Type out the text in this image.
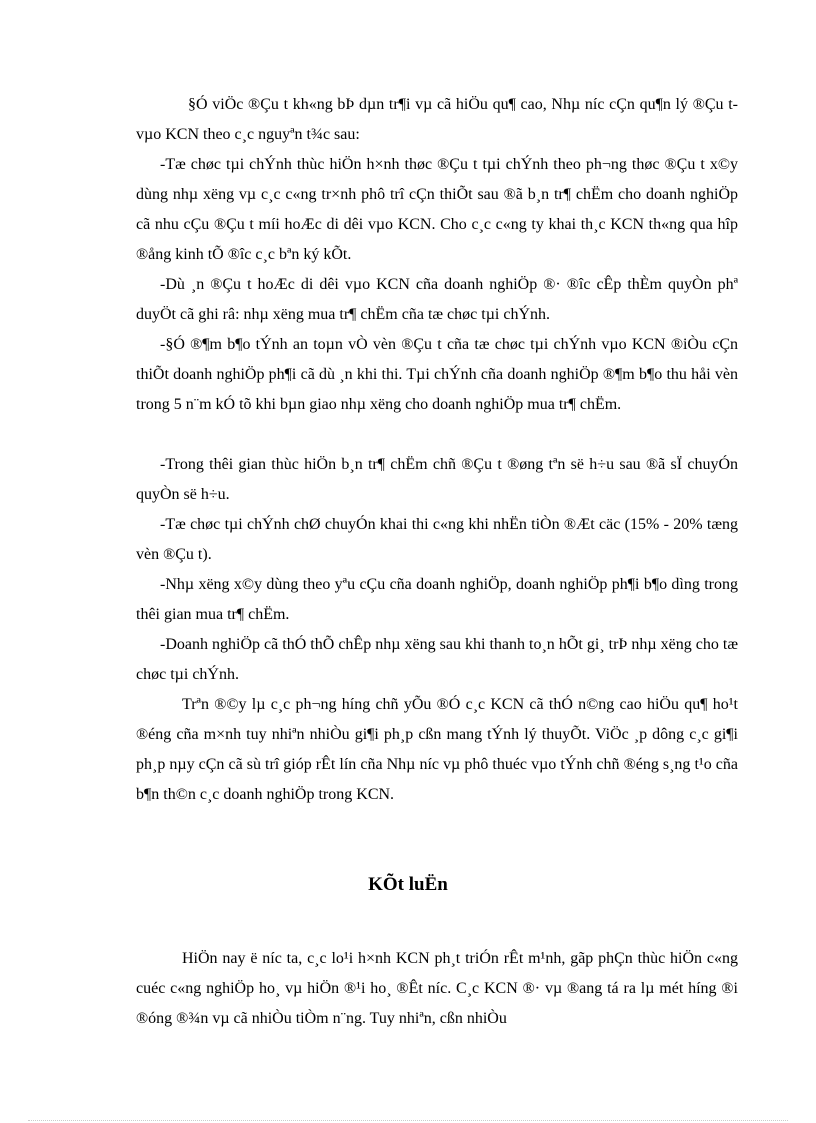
§Ó viÖc ®Çu t kh«ng bÞ dµn tr¶i vµ cã hiÖu qu¶ cao, Nhµ níc cÇn qu¶n lý ®Çu t vµo KCN theo c¸c nguyªn t¾c sau:

-Tæ chøc tµi chÝnh thùc hiÖn h×nh thøc ®Çu t tµi chÝnh theo ph¬ng thøc ®Çu t x©y dùng nhµ xëng vµ c¸c c«ng tr×nh phô trî cÇn thiÕt sau ®ã b¸n tr¶ chËm cho doanh nghiÖp cã nhu cÇu ®Çu t míi hoÆc di dêi vµo KCN. Cho c¸c c«ng ty khai th¸c KCN th«ng qua hîp ®ång kinh tÕ ®îc c¸c bªn ký kÕt.

-Dù ¸n ®Çu t hoÆc di dêi vµo KCN cña doanh nghiÖp ®· ®îc cÊp thÈm quyÒn phª duyÖt cã ghi râ: nhµ xëng mua tr¶ chËm cña tæ chøc tµi chÝnh.

-§Ó ®¶m b¶o tÝnh an toµn vÒ vèn ®Çu t cña tæ chøc tµi chÝnh vµo KCN ®iÒu cÇn thiÕt doanh nghiÖp ph¶i cã dù ¸n khi thi. Tµi chÝnh cña doanh nghiÖp ®¶m b¶o thu håi vèn trong 5 n¨m kÓ tõ khi bµn giao nhµ xëng cho doanh nghiÖp mua tr¶ chËm.

-Trong thêi gian thùc hiÖn b¸n tr¶ chËm chñ ®Çu t ®øng tªn së h÷u sau ®ã sÏ chuyÓn quyÒn së h÷u.

-Tæ chøc tµi chÝnh chØ chuyÓn khai thi c«ng khi nhËn tiÒn ®Æt cäc (15% - 20% tæng vèn ®Çu t).

-Nhµ xëng x©y dùng theo yªu cÇu cña doanh nghiÖp, doanh nghiÖp ph¶i b¶o dìng trong thêi gian mua tr¶ chËm.

-Doanh nghiÖp cã thÓ thÕ chÊp nhµ xëng sau khi thanh to¸n hÕt gi¸ trÞ nhµ xëng cho tæ chøc tµi chÝnh.

Trªn ®©y lµ c¸c ph¬ng híng chñ yÕu ®Ó c¸c KCN cã thÓ n©ng cao hiÖu qu¶ ho¹t ®éng cña m×nh tuy nhiªn nhiÒu gi¶i ph¸p cßn mang tÝnh lý thuyÕt. ViÖc ¸p dông c¸c gi¶i ph¸p nµy cÇn cã sù trî gióp rÊt lín cña Nhµ níc vµ phô thuéc vµo tÝnh chñ ®éng s¸ng t¹o cña b¶n th©n c¸c doanh nghiÖp trong KCN.

KÕt luËn

HiÖn nay ë níc ta, c¸c lo¹i h×nh KCN ph¸t triÓn rÊt m¹nh, gãp phÇn thùc hiÖn c«ng cuéc c«ng nghiÖp ho¸ vµ hiÖn ®¹i ho¸ ®Êt níc. C¸c KCN ®· vµ ®ang tá ra lµ mét híng ®i ®óng ®¾n vµ cã nhiÒu tiÒm n¨ng. Tuy nhiªn, cßn nhiÒu
